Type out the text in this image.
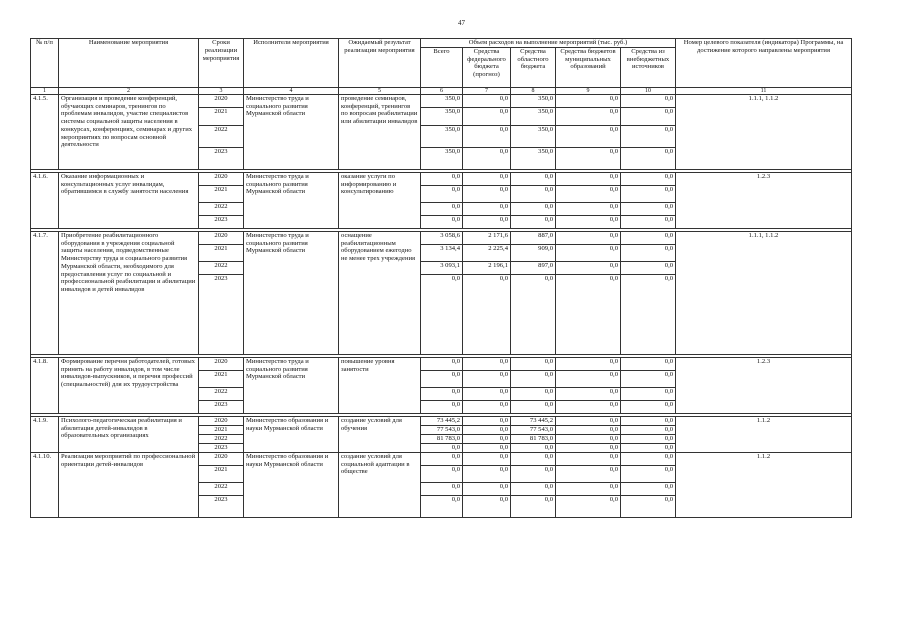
47
№ п/п	Наименование мероприятия	Сроки реализации мероприятия	Исполнители мероприятия	Ожидаемый результат реализации мероприятия	Объем расходов на выполнение мероприятий (тыс. руб.)					Номер целевого показателя (индикатора) Программы, на достижение которого направлены мероприятия
					Всего	Средства федерального бюджета (прогноз)	Средства областного бюджета	Средства бюджетов муниципальных образований	Средства из внебюджетных источников	
1	2	3	4	5	6	7	8	9	10	11
4.1.5.	Организация и проведение конференций, обучающих семинаров, тренингов по проблемам инвалидов, участие специалистов системы социальной защиты населения в конкурсах, конференциях, семинарах и других мероприятиях по вопросам основной деятельности	2020	Министерство труда и социального развития Мурманской области	проведение семинаров, конференций, тренингов по вопросам реабилитации или абилитации инвалидов	350,0	0,0	350,0	0,0	0,0	1.1.1, 1.1.2
		2021			350,0	0,0	350,0	0,0	0,0	
		2022			350,0	0,0	350,0	0,0	0,0	
		2023			350,0	0,0	350,0	0,0	0,0	

4.1.6.	Оказание информационных и консультационных услуг инвалидам, обратившимся в службу занятости населения	2020	Министерство труда и социального развития Мурманской области	оказание услуги по информированию и консультированию	0,0	0,0	0,0	0,0	0,0	1.2.3
		2021			0,0	0,0	0,0	0,0	0,0	
		2022			0,0	0,0	0,0	0,0	0,0	
		2023			0,0	0,0	0,0	0,0	0,0	

4.1.7.	Приобретение реабилитационного оборудования в учреждения социальной защиты населения, подведомственные Министерству труда и социального развития Мурманской области, необходимого для предоставления услуг по социальной и профессиональной реабилитации и абилитации инвалидов и детей инвалидов	2020	Министерство труда и социального развития Мурманской области	оснащение реабилитационным оборудованием ежегодно не менее трех учреждения	3 058,6	2 171,6	887,0	0,0	0,0	1.1.1, 1.1.2
		2021			3 134,4	2 225,4	909,0	0,0	0,0	
		2022			3 093,1	2 196,1	897,0	0,0	0,0	
		2023			0,0	0,0	0,0	0,0	0,0	

4.1.8.	Формирование перечня работодателей, готовых принять на работу инвалидов, в том числе инвалидов-выпускников, и перечня профессий (специальностей) для их трудоустройства	2020	Министерство труда и социального развития Мурманской области	повышение уровня занятости	0,0	0,0	0,0	0,0	0,0	1.2.3
		2021			0,0	0,0	0,0	0,0	0,0	
		2022			0,0	0,0	0,0	0,0	0,0	
		2023			0,0	0,0	0,0	0,0	0,0	

4.1.9.	Психолого-педагогическая реабилитация и абилитация детей-инвалидов в образовательных организациях	2020	Министерство образования и науки Мурманской области	создание условий для обучения	73 445,2	0,0	73 445,2	0,0	0,0	1.1.2
		2021			77 543,0	0,0	77 543,0	0,0	0,0	
		2022			81 783,0	0,0	81 783,0	0,0	0,0	
		2023			0,0	0,0	0,0	0,0	0,0	
4.1.10.	Реализация мероприятий по профессиональной ориентации детей-инвалидов	2020	Министерство образования и науки Мурманской области	создание условий для социальной адаптации в обществе	0,0	0,0	0,0	0,0	0,0	1.1.2
		2021			0,0	0,0	0,0	0,0	0,0	
		2022			0,0	0,0	0,0	0,0	0,0	
		2023			0,0	0,0	0,0	0,0	0,0	
